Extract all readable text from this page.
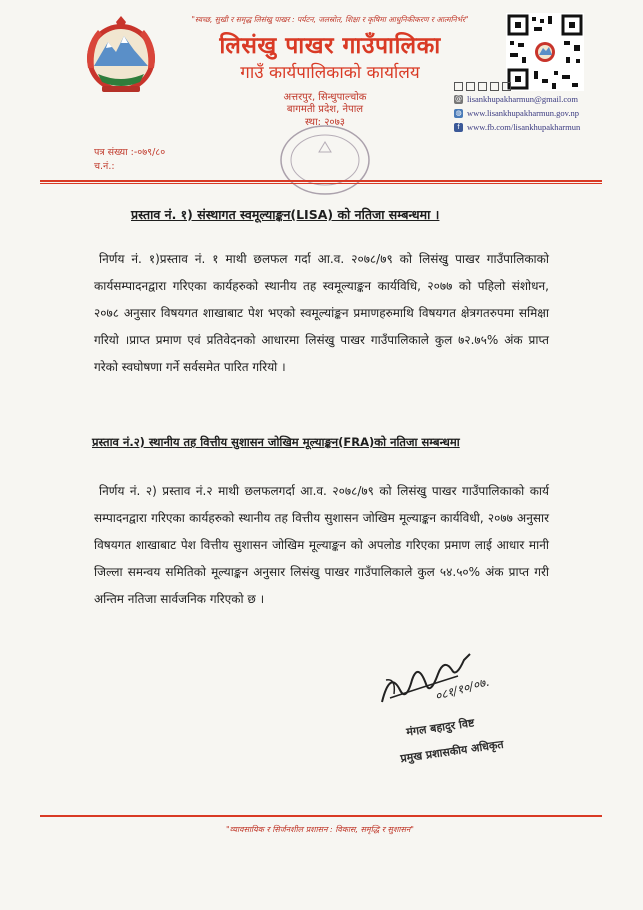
"स्वच्छ, सुखी र समृद्ध लिसंखु पाखर : पर्यटन, जलस्रोत, शिक्षा र कृषिमा आधुनिकीकरण र आत्मनिर्भर"
लिसंखु पाखर गाउँपालिका
गाउँ कार्यपालिकाको कार्यालय
अत्तरपुर, सिन्धुपाल्चोक
बागमती प्रदेश, नेपाल
स्था: २०७३
@ lisankhupakharmun@gmail.com
◍ www.lisankhupakharmun.gov.np
f www.fb.com/lisankhupakharmun
पत्र संख्या :-०७९/८०
च.नं.:
प्रस्ताव नं. १) संस्थागत स्वमूल्याङ्कन(LISA) को नतिजा सम्बन्धमा ।
निर्णय नं. १)प्रस्ताव नं. १ माथी छलफल गर्दा आ.व. २०७८/७९ को लिसंखु पाखर गाउँपालिकाको कार्यसम्पादनद्वारा गरिएका कार्यहरुको स्थानीय तह स्वमूल्याङ्कन कार्यविधि, २०७७ को पहिलो संशोधन, २०७८ अनुसार विषयगत शाखाबाट पेश भएको स्वमूल्यांङ्कन प्रमाणहरुमाथि विषयगत क्षेत्रगतरुपमा समिक्षा गरियो ।प्राप्त प्रमाण एवं प्रतिवेदनको आधारमा लिसंखु पाखर गाउँपालिकाले कुल ७२.७५% अंक प्राप्त गरेको स्वघोषणा गर्ने सर्वसमेत पारित गरियो ।
प्रस्ताव नं.२) स्थानीय तह वित्तीय सुशासन जोखिम मूल्याङ्कन(FRA)को नतिजा सम्बन्धमा
निर्णय नं. २) प्रस्ताव नं.२ माथी छलफलगर्दा आ.व. २०७८/७९ को लिसंखु पाखर गाउँपालिकाको कार्य सम्पादनद्वारा गरिएका कार्यहरुको स्थानीय तह वित्तीय सुशासन जोखिम मूल्याङ्कन कार्यविधी, २०७७ अनुसार विषयगत शाखाबाट पेश वित्तीय सुशासन जोखिम मूल्याङ्कन को अपलोड गरिएका प्रमाण लाई आधार मानी जिल्ला समन्वय समितिको मूल्याङ्कन अनुसार लिसंखु पाखर गाउँपालिकाले कुल ५४.५०% अंक प्राप्त गरी अन्तिम नतिजा सार्वजनिक गरिएको छ ।
०८१/१०/०७.
मंगल बहादुर विष्ट
प्रमुख प्रशासकीय अधिकृत
"व्यावसायिक र सिर्जनशील प्रशासन : विकास, समृद्धि र सुशासन"
